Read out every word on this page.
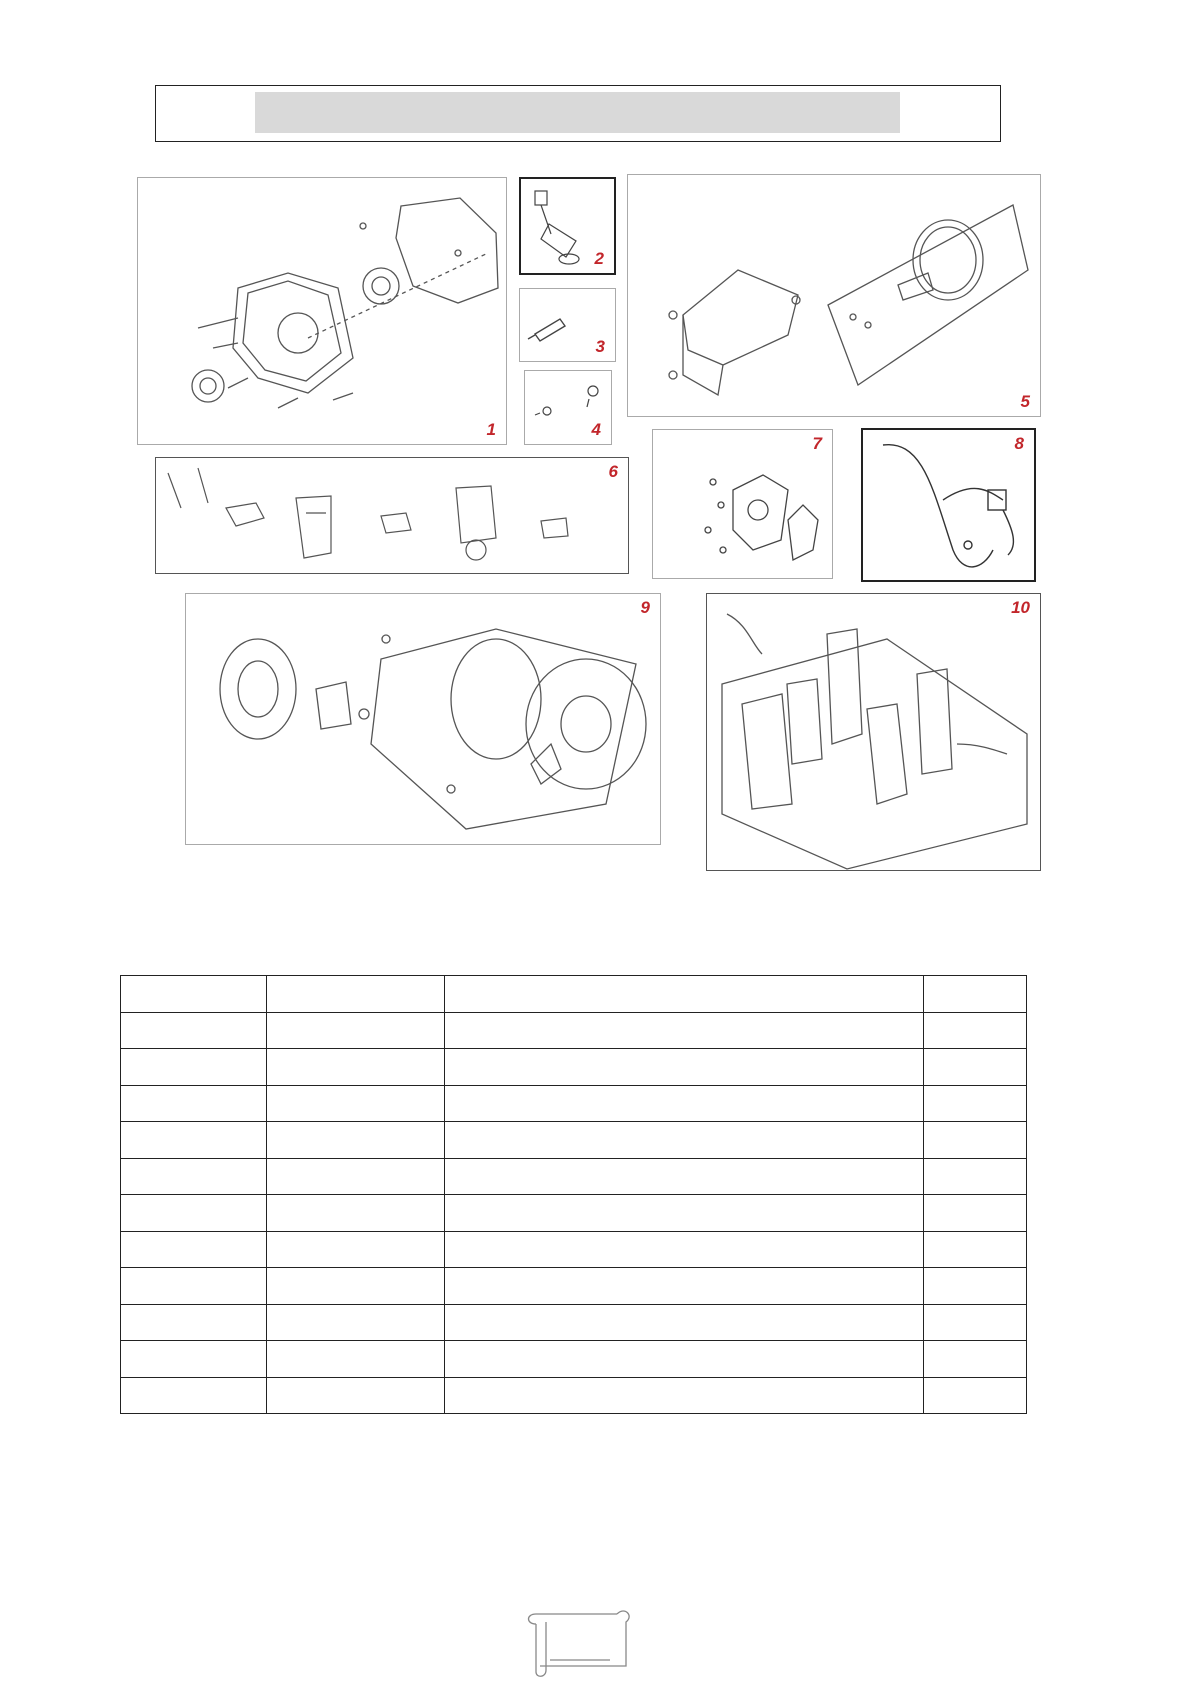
1
2
3
4
5
6
7	8
9	10
